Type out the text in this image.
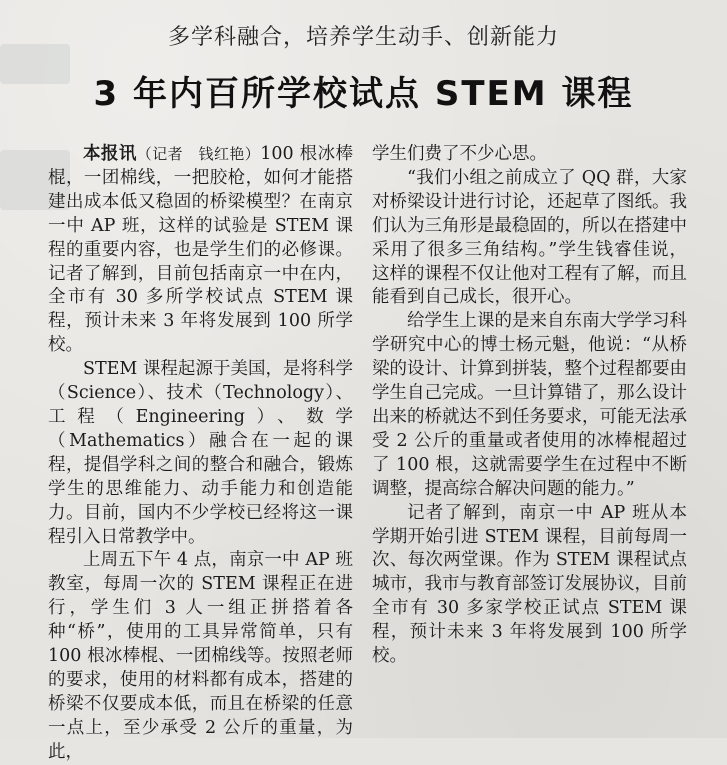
多学科融合，培养学生动手、创新能力
3 年内百所学校试点 STEM 课程

本报讯（记者　钱红艳）100 根冰棒棍，一团棉线，一把胶枪，如何才能搭建出成本低又稳固的桥梁模型？在南京一中 AP 班，这样的试验是 STEM 课程的重要内容，也是学生们的必修课。记者了解到，目前包括南京一中在内，全市有 30 多所学校试点 STEM 课程，预计未来 3 年将发展到 100 所学校。

STEM 课程起源于美国，是将科学（Science）、技术（Technology）、工程（Engineering）、数学（Mathematics）融合在一起的课程，提倡学科之间的整合和融合，锻炼学生的思维能力、动手能力和创造能力。目前，国内不少学校已经将这一课程引入日常教学中。

上周五下午 4 点，南京一中 AP 班教室，每周一次的 STEM 课程正在进行，学生们 3 人一组正拼搭着各种“桥”，使用的工具异常简单，只有 100 根冰棒棍、一团棉线等。按照老师的要求，使用的材料都有成本，搭建的桥梁不仅要成本低，而且在桥梁的任意一点上，至少承受 2 公斤的重量，为此，

学生们费了不少心思。

“我们小组之前成立了 QQ 群，大家对桥梁设计进行讨论，还起草了图纸。我们认为三角形是最稳固的，所以在搭建中采用了很多三角结构。”学生钱睿佳说，这样的课程不仅让他对工程有了解，而且能看到自己成长，很开心。

给学生上课的是来自东南大学学习科学研究中心的博士杨元魁，他说：“从桥梁的设计、计算到拼装，整个过程都要由学生自己完成。一旦计算错了，那么设计出来的桥就达不到任务要求，可能无法承受 2 公斤的重量或者使用的冰棒棍超过了 100 根，这就需要学生在过程中不断调整，提高综合解决问题的能力。”

记者了解到，南京一中 AP 班从本学期开始引进 STEM 课程，目前每周一次、每次两堂课。作为 STEM 课程试点城市，我市与教育部签订发展协议，目前全市有 30 多家学校正试点 STEM 课程，预计未来 3 年将发展到 100 所学校。
